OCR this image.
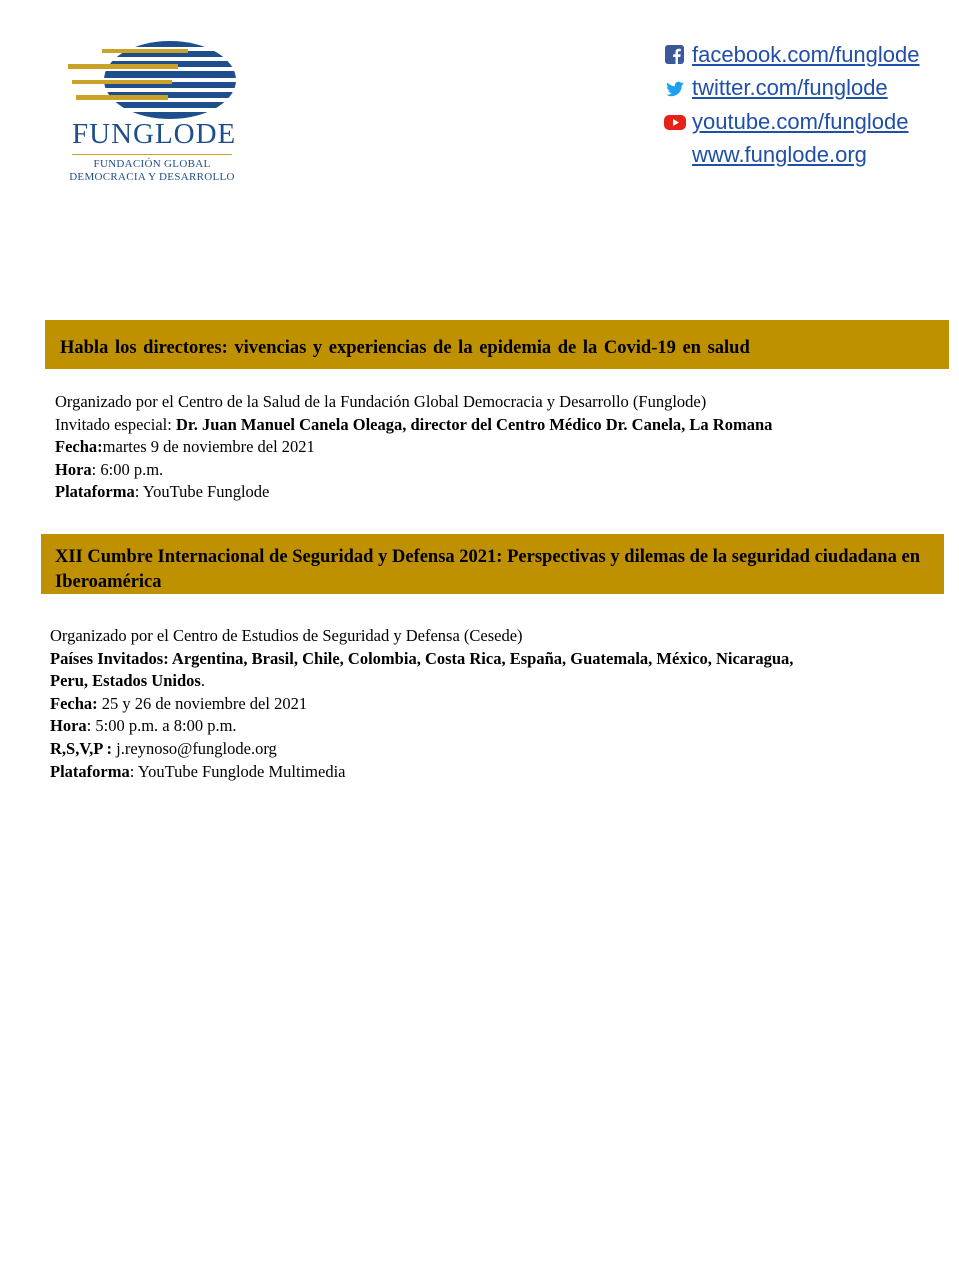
FUNGLODE
FUNDACIÓN GLOBAL
DEMOCRACIA Y DESARROLLO
facebook.com/funglode
twitter.com/funglode
youtube.com/funglode
www.funglode.org
Habla los directores: vivencias y experiencias de la epidemia de la Covid-19 en salud
Organizado por el Centro de la Salud de la Fundación Global Democracia y Desarrollo (Funglode)
Invitado especial: Dr. Juan Manuel Canela Oleaga, director del Centro Médico Dr. Canela, La Romana
Fecha:martes 9 de noviembre del 2021
Hora: 6:00 p.m.
Plataforma: YouTube Funglode
XII Cumbre Internacional de Seguridad y Defensa 2021: Perspectivas y dilemas de la seguridad ciudadana en Iberoamérica
Organizado por el Centro de Estudios de Seguridad y Defensa (Cesede)
Países Invitados: Argentina, Brasil, Chile, Colombia, Costa Rica, España, Guatemala, México, Nicaragua,
Peru, Estados Unidos.
Fecha: 25 y 26 de noviembre del 2021
Hora: 5:00 p.m. a 8:00 p.m.
R,S,V,P : j.reynoso@funglode.org
Plataforma: YouTube Funglode Multimedia
